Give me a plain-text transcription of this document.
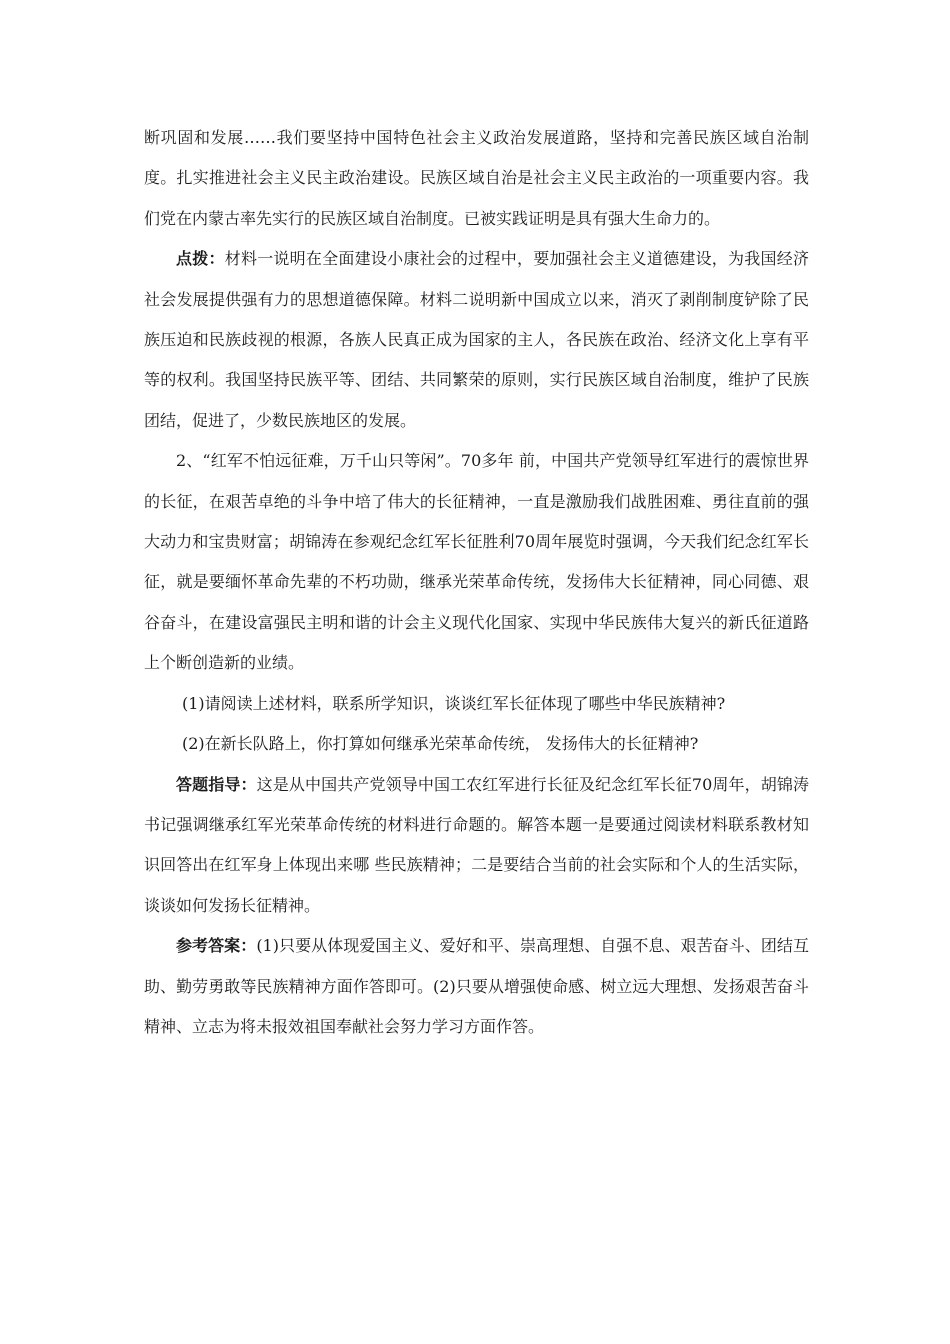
断巩固和发展……我们要坚持中国特色社会主义政治发展道路，坚持和完善民族区域自治制度。扎实推进社会主义民主政治建设。民族区域自治是社会主义民主政治的一项重要内容。我们党在内蒙古率先实行的民族区域自治制度。已被实践证明是具有强大生命力的。

点拨：材料一说明在全面建设小康社会的过程中，要加强社会主义道德建设，为我国经济社会发展提供强有力的思想道德保障。材料二说明新中国成立以来，消灭了剥削制度铲除了民族压迫和民族歧视的根源，各族人民真正成为国家的主人，各民族在政治、经济文化上享有平等的权利。我国坚持民族平等、团结、共同繁荣的原则，实行民族区域自治制度，维护了民族团结，促进了，少数民族地区的发展。

2、“红军不怕远征难，万千山只等闲”。70多年 前，中国共产党领导红军进行的震惊世界的长征，在艰苦卓绝的斗争中培了伟大的长征精神，一直是激励我们战胜困难、勇往直前的强大动力和宝贵财富；胡锦涛在参观纪念红军长征胜利70周年展览时强调，今天我们纪念红军长征，就是要缅怀革命先辈的不朽功勋，继承光荣革命传统，发扬伟大长征精神，同心同德、艰谷奋斗，在建设富强民主明和谐的计会主义现代化国家、实现中华民族伟大复兴的新氏征道路上个断创造新的业绩。

(1)请阅读上述材料，联系所学知识，谈谈红军长征体现了哪些中华民族精神?

(2)在新长队路上，你打算如何继承光荣革命传统， 发扬伟大的长征精神?

答题指导：这是从中国共产党领导中国工农红军进行长征及纪念红军长征70周年，胡锦涛书记强调继承红军光荣革命传统的材料进行命题的。解答本题一是要通过阅读材料联系教材知识回答出在红军身上体现出来哪 些民族精神；二是要结合当前的社会实际和个人的生活实际，谈谈如何发扬长征精神。

参考答案：(1)只要从体现爱国主义、爱好和平、崇高理想、自强不息、艰苦奋斗、团结互助、勤劳勇敢等民族精神方面作答即可。(2)只要从增强使命感、树立远大理想、发扬艰苦奋斗精神、立志为将未报效祖国奉献社会努力学习方面作答。
